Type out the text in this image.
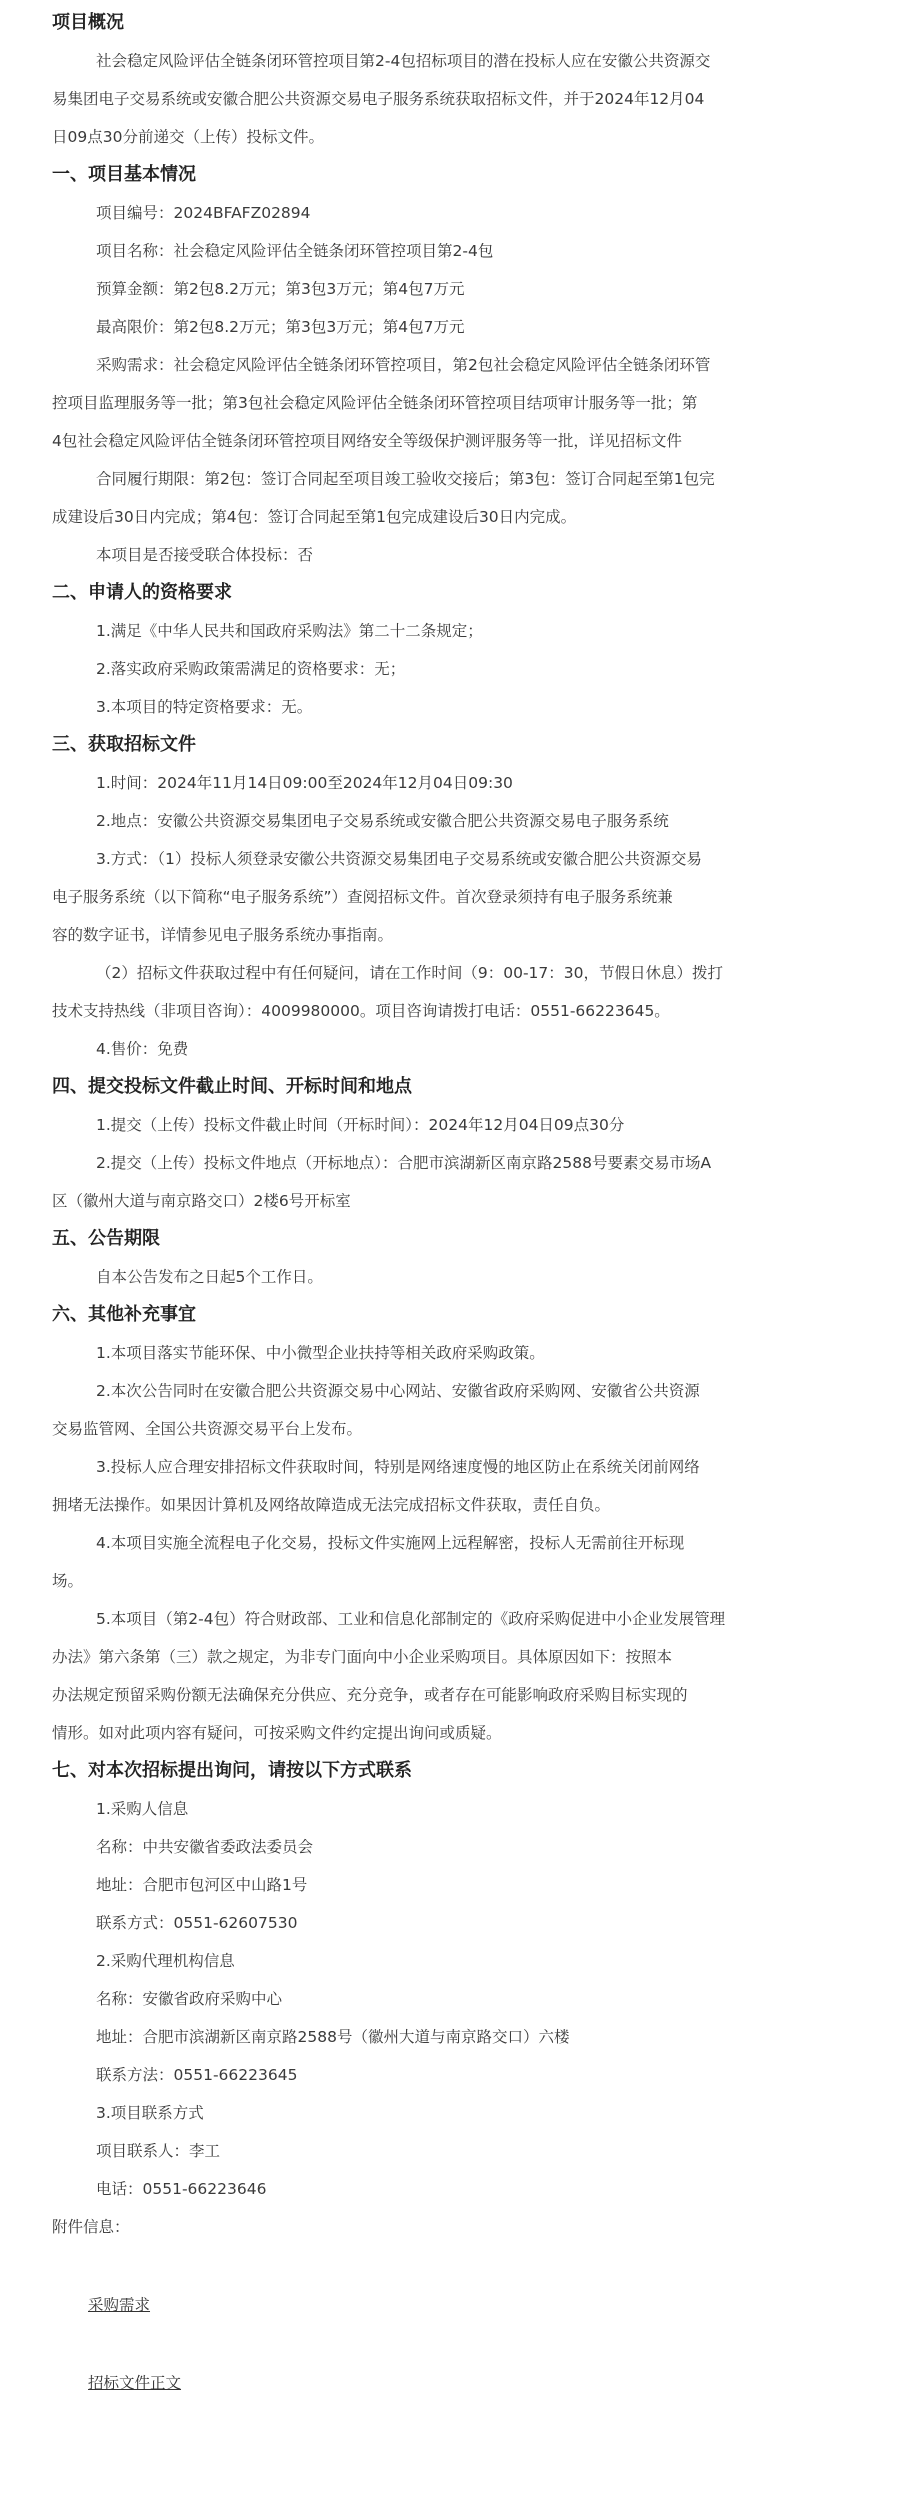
项目概况
社会稳定风险评估全链条闭环管控项目第2-4包招标项目的潜在投标人应在安徽公共资源交
易集团电子交易系统或安徽合肥公共资源交易电子服务系统获取招标文件，并于2024年12月04
日09点30分前递交（上传）投标文件。
一、项目基本情况
项目编号：2024BFAFZ02894
项目名称：社会稳定风险评估全链条闭环管控项目第2-4包
预算金额：第2包8.2万元；第3包3万元；第4包7万元
最高限价：第2包8.2万元；第3包3万元；第4包7万元
采购需求：社会稳定风险评估全链条闭环管控项目，第2包社会稳定风险评估全链条闭环管
控项目监理服务等一批；第3包社会稳定风险评估全链条闭环管控项目结项审计服务等一批；第
4包社会稳定风险评估全链条闭环管控项目网络安全等级保护测评服务等一批，详见招标文件
合同履行期限：第2包：签订合同起至项目竣工验收交接后；第3包：签订合同起至第1包完
成建设后30日内完成；第4包：签订合同起至第1包完成建设后30日内完成。
本项目是否接受联合体投标：否
二、申请人的资格要求
1.满足《中华人民共和国政府采购法》第二十二条规定；
2.落实政府采购政策需满足的资格要求：无；
3.本项目的特定资格要求：无。
三、获取招标文件
1.时间：2024年11月14日09:00至2024年12月04日09:30
2.地点：安徽公共资源交易集团电子交易系统或安徽合肥公共资源交易电子服务系统
3.方式：（1）投标人须登录安徽公共资源交易集团电子交易系统或安徽合肥公共资源交易
电子服务系统（以下简称“电子服务系统”）查阅招标文件。首次登录须持有电子服务系统兼
容的数字证书，详情参见电子服务系统办事指南。
（2）招标文件获取过程中有任何疑问，请在工作时间（9：00-17：30，节假日休息）拨打
技术支持热线（非项目咨询）：4009980000。项目咨询请拨打电话：0551-66223645。
4.售价：免费
四、提交投标文件截止时间、开标时间和地点
1.提交（上传）投标文件截止时间（开标时间）：2024年12月04日09点30分
2.提交（上传）投标文件地点（开标地点）：合肥市滨湖新区南京路2588号要素交易市场A
区（徽州大道与南京路交口）2楼6号开标室
五、公告期限
自本公告发布之日起5个工作日。
六、其他补充事宜
1.本项目落实节能环保、中小微型企业扶持等相关政府采购政策。
2.本次公告同时在安徽合肥公共资源交易中心网站、安徽省政府采购网、安徽省公共资源
交易监管网、全国公共资源交易平台上发布。
3.投标人应合理安排招标文件获取时间，特别是网络速度慢的地区防止在系统关闭前网络
拥堵无法操作。如果因计算机及网络故障造成无法完成招标文件获取，责任自负。
4.本项目实施全流程电子化交易，投标文件实施网上远程解密，投标人无需前往开标现
场。
5.本项目（第2-4包）符合财政部、工业和信息化部制定的《政府采购促进中小企业发展管理
办法》第六条第（三）款之规定，为非专门面向中小企业采购项目。具体原因如下：按照本
办法规定预留采购份额无法确保充分供应、充分竞争，或者存在可能影响政府采购目标实现的
情形。如对此项内容有疑问，可按采购文件约定提出询问或质疑。
七、对本次招标提出询问，请按以下方式联系
1.采购人信息
名称：中共安徽省委政法委员会
地址：合肥市包河区中山路1号
联系方式：0551-62607530
2.采购代理机构信息
名称：安徽省政府采购中心
地址：合肥市滨湖新区南京路2588号（徽州大道与南京路交口）六楼
联系方法：0551-66223645
3.项目联系方式
项目联系人：李工
电话：0551-66223646
附件信息：
采购需求
招标文件正文
